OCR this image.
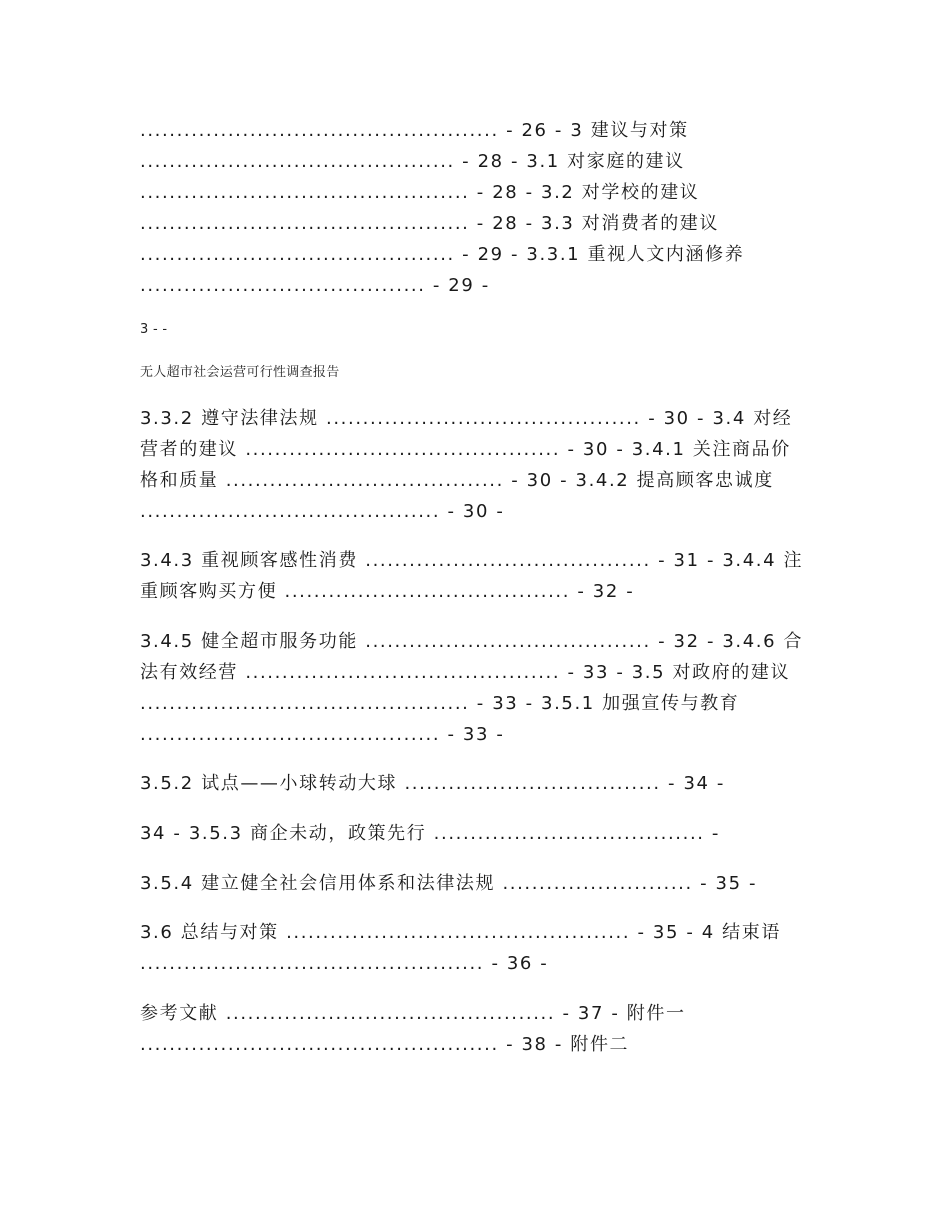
................................................. - 26 - 3 建议与对策
........................................... - 28 - 3.1 对家庭的建议
............................................. - 28 - 3.2 对学校的建议
............................................. - 28 - 3.3 对消费者的建议
........................................... - 29 - 3.3.1 重视人文内涵修养
....................................... - 29 -
3 - -
无人超市社会运营可行性调查报告
3.3.2 遵守法律法规 ........................................... - 30 - 3.4 对经
营者的建议 ........................................... - 30 - 3.4.1 关注商品价
格和质量 ...................................... - 30 - 3.4.2 提高顾客忠诚度
......................................... - 30 -
3.4.3 重视顾客感性消费 ....................................... - 31 - 3.4.4 注
重顾客购买方便 ....................................... - 32 -
3.4.5 健全超市服务功能 ....................................... - 32 - 3.4.6 合
法有效经营 ........................................... - 33 - 3.5 对政府的建议
............................................. - 33 - 3.5.1 加强宣传与教育
......................................... - 33 -
3.5.2 试点——小球转动大球 ................................... - 34 -
34 - 3.5.3 商企未动，政策先行 ..................................... -
3.5.4 建立健全社会信用体系和法律法规 .......................... - 35 -
3.6 总结与对策 ............................................... - 35 - 4 结束语
............................................... - 36 -
参考文献 ............................................. - 37 - 附件一
................................................. - 38 - 附件二
